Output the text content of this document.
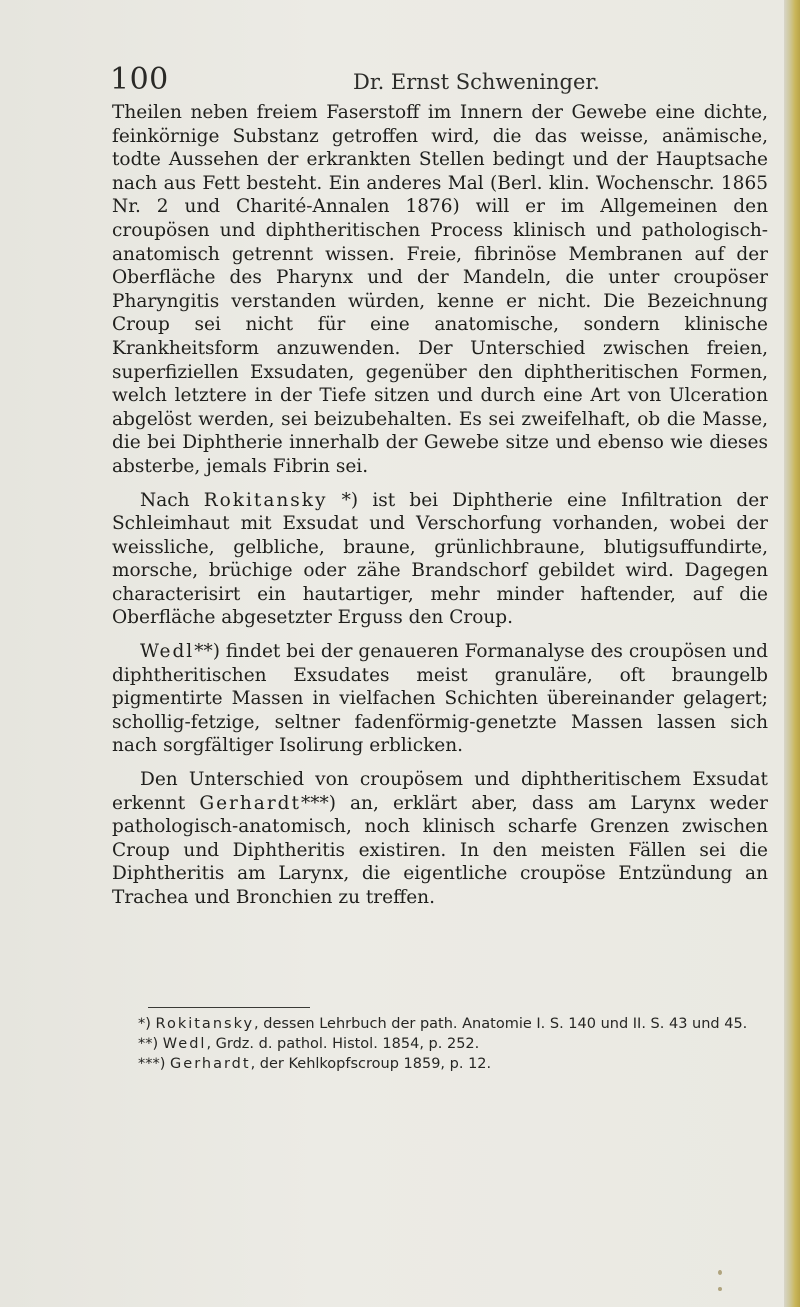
100	Dr. Ernst Schweninger.

Theilen neben freiem Faserstoff im Innern der Gewebe eine dichte, feinkörnige Substanz getroffen wird, die das weisse, anämische, todte Aussehen der erkrankten Stellen bedingt und der Hauptsache nach aus Fett besteht. Ein anderes Mal (Berl. klin. Wochenschr. 1865 Nr. 2 und Charité-Annalen 1876) will er im Allgemeinen den croupösen und diphtheritischen Process klinisch und pathologisch-anatomisch getrennt wissen. Freie, fibrinöse Membranen auf der Oberfläche des Pharynx und der Mandeln, die unter croupöser Pharyngitis verstanden würden, kenne er nicht. Die Bezeichnung Croup sei nicht für eine anatomische, sondern klinische Krankheitsform anzuwenden. Der Unterschied zwischen freien, superfiziellen Exsudaten, gegenüber den diphtheritischen Formen, welch letztere in der Tiefe sitzen und durch eine Art von Ulceration abgelöst werden, sei beizubehalten. Es sei zweifelhaft, ob die Masse, die bei Diphtherie innerhalb der Gewebe sitze und ebenso wie dieses absterbe, jemals Fibrin sei.

Nach Rokitansky *) ist bei Diphtherie eine Infiltration der Schleimhaut mit Exsudat und Verschorfung vorhanden, wobei der weissliche, gelbliche, braune, grünlichbraune, blutigsuffundirte, morsche, brüchige oder zähe Brandschorf gebildet wird. Dagegen characterisirt ein hautartiger, mehr minder haftender, auf die Oberfläche abgesetzter Erguss den Croup.

Wedl**) findet bei der genaueren Formanalyse des croupösen und diphtheritischen Exsudates meist granuläre, oft braungelb pigmentirte Massen in vielfachen Schichten übereinander gelagert; schollig-fetzige, seltner fadenförmig-genetzte Massen lassen sich nach sorgfältiger Isolirung erblicken.

Den Unterschied von croupösem und diphtheritischem Exsudat erkennt Gerhardt***) an, erklärt aber, dass am Larynx weder pathologisch-anatomisch, noch klinisch scharfe Grenzen zwischen Croup und Diphtheritis existiren. In den meisten Fällen sei die Diphtheritis am Larynx, die eigentliche croupöse Entzündung an Trachea und Bronchien zu treffen.

*) Rokitansky, dessen Lehrbuch der path. Anatomie I. S. 140 und II. S. 43 und 45.

**) Wedl, Grdz. d. pathol. Histol. 1854, p. 252.

***) Gerhardt, der Kehlkopfscroup 1859, p. 12.
